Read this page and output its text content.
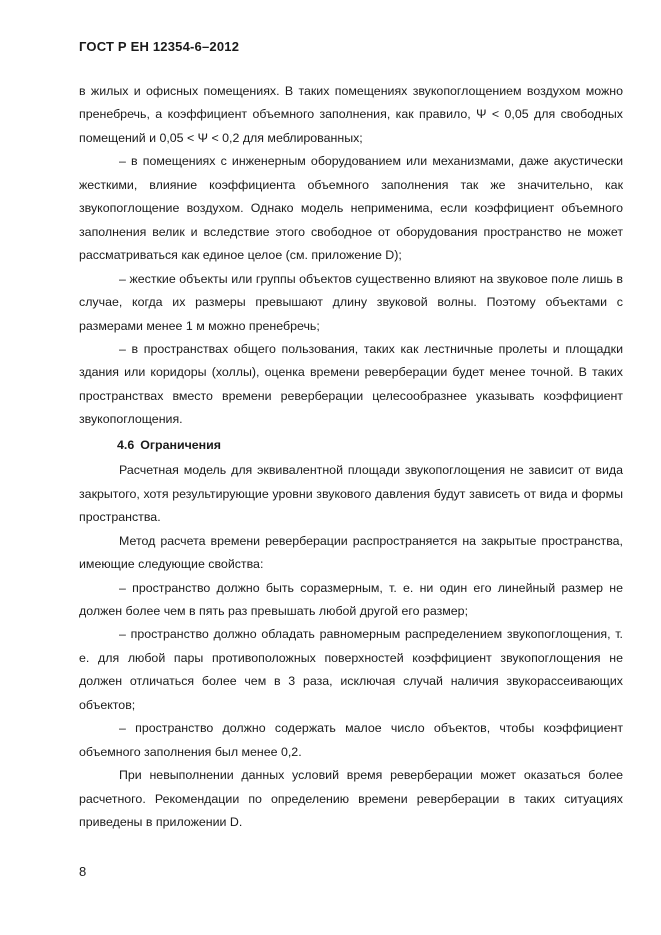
ГОСТ Р ЕН 12354-6–2012

в жилых и офисных помещениях. В таких помещениях звукопоглощением воздухом можно пренебречь, а коэффициент объемного заполнения, как правило, Ψ < 0,05 для свободных помещений и 0,05 < Ψ < 0,2 для меблированных;

– в помещениях с инженерным оборудованием или механизмами, даже акустически жесткими, влияние коэффициента объемного заполнения так же значительно, как звукопоглощение воздухом. Однако модель неприменима, если коэффициент объемного заполнения велик и вследствие этого свободное от оборудования пространство не может рассматриваться как единое целое (см. приложение D);

– жесткие объекты или группы объектов существенно влияют на звуковое поле лишь в случае, когда их размеры превышают длину звуковой волны. Поэтому объектами с размерами менее 1 м можно пренебречь;

– в пространствах общего пользования, таких как лестничные пролеты и площадки здания или коридоры (холлы), оценка времени реверберации будет менее точной. В таких пространствах вместо времени реверберации целесообразнее указывать коэффициент звукопоглощения.

4.6 Ограничения

Расчетная модель для эквивалентной площади звукопоглощения не зависит от вида закрытого, хотя результирующие уровни звукового давления будут зависеть от вида и формы пространства.

Метод расчета времени реверберации распространяется на закрытые пространства, имеющие следующие свойства:

– пространство должно быть соразмерным, т. е. ни один его линейный размер не должен более чем в пять раз превышать любой другой его размер;

– пространство должно обладать равномерным распределением звукопоглощения, т. е. для любой пары противоположных поверхностей коэффициент звукопоглощения не должен отличаться более чем в 3 раза, исключая случай наличия звукорассеивающих объектов;

– пространство должно содержать малое число объектов, чтобы коэффициент объемного заполнения был менее 0,2.

При невыполнении данных условий время реверберации может оказаться более расчетного. Рекомендации по определению времени реверберации в таких ситуациях приведены в приложении D.

8
